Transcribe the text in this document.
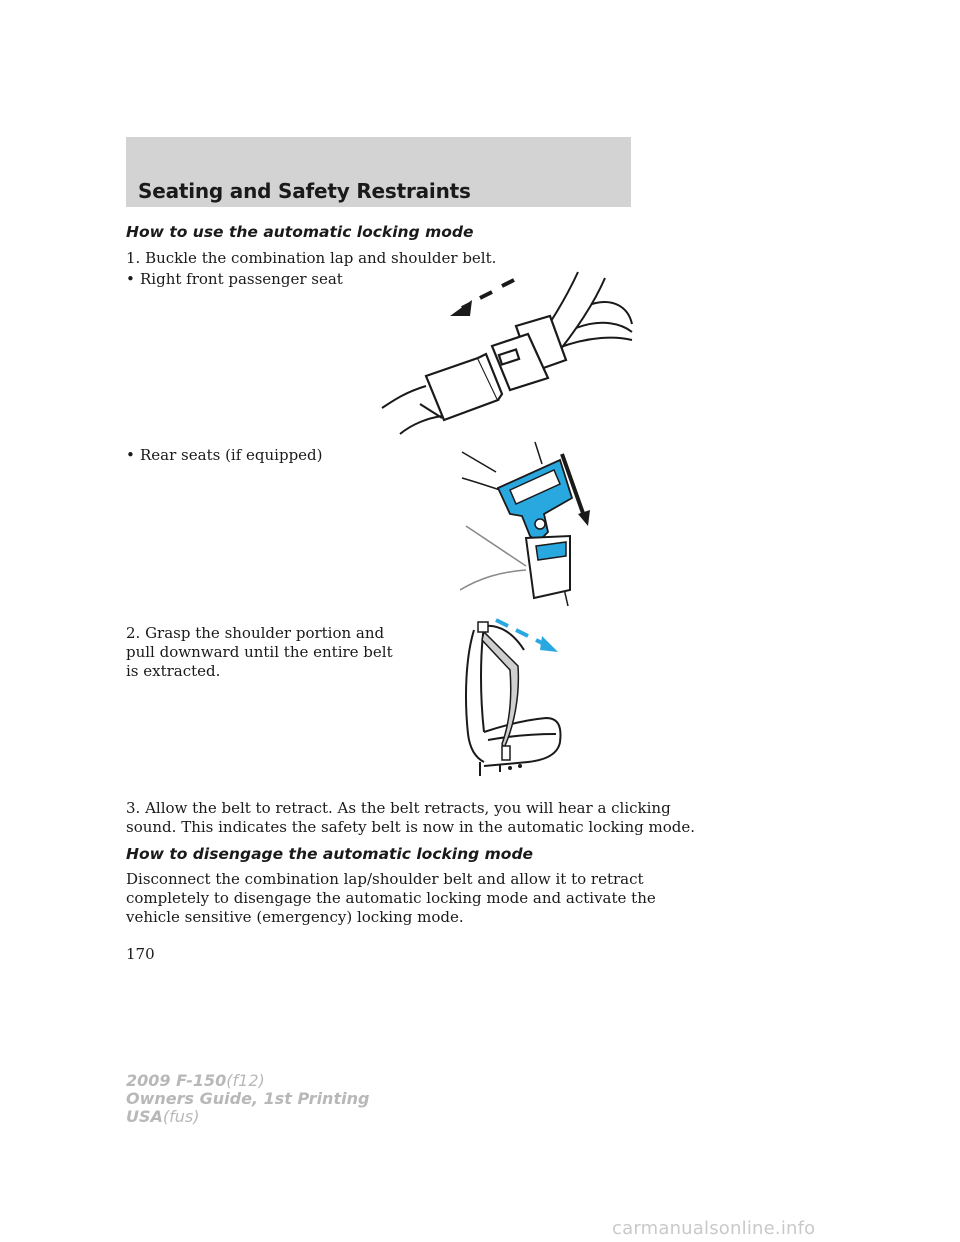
Seating and Safety Restraints
How to use the automatic locking mode

1. Buckle the combination lap and shoulder belt.

• Right front passenger seat
• Rear seats (if equipped)

2. Grasp the shoulder portion and

pull downward until the entire belt

is extracted.

3. Allow the belt to retract. As the belt retracts, you will hear a clicking

sound. This indicates the safety belt is now in the automatic locking mode.

How to disengage the automatic locking mode

Disconnect the combination lap/shoulder belt and allow it to retract

completely to disengage the automatic locking mode and activate the

vehicle sensitive (emergency) locking mode.

170
2009 F-150(f12)
Owners Guide, 1st Printing
USA(fus)
carmanualsonline.info
